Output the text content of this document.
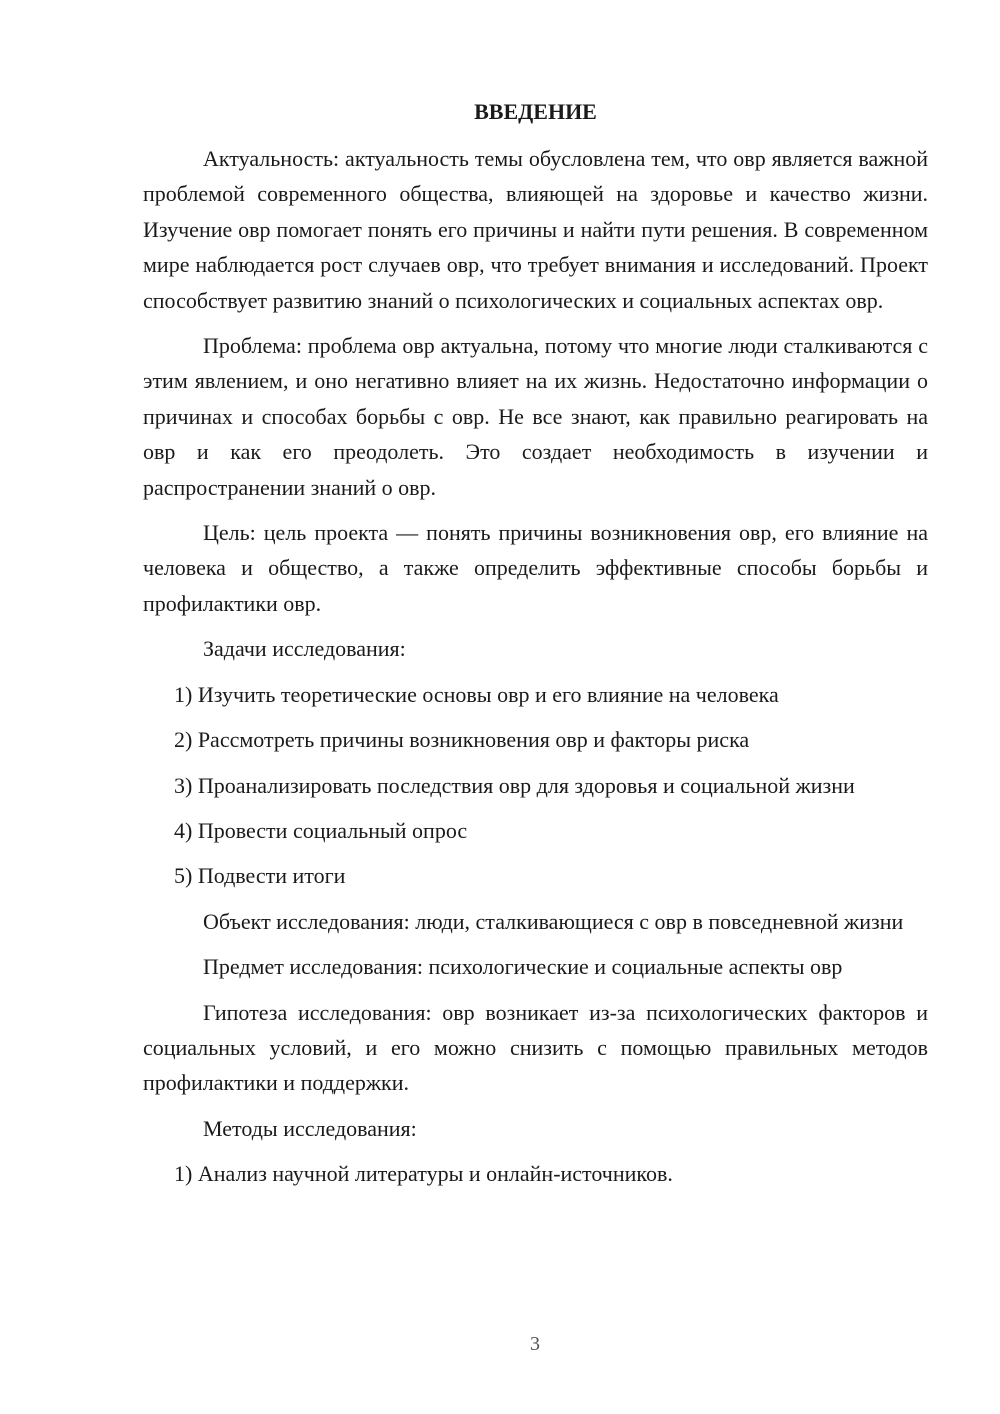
ВВЕДЕНИЕ

Актуальность: актуальность темы обусловлена тем, что овр является важной проблемой современного общества, влияющей на здоровье и качество жизни. Изучение овр помогает понять его причины и найти пути решения. В современном мире наблюдается рост случаев овр, что требует внимания и исследований. Проект способствует развитию знаний о психологических и социальных аспектах овр.

Проблема: проблема овр актуальна, потому что многие люди сталкиваются с этим явлением, и оно негативно влияет на их жизнь. Недостаточно информации о причинах и способах борьбы с овр. Не все знают, как правильно реагировать на овр и как его преодолеть. Это создает необходимость в изучении и распространении знаний о овр.

Цель: цель проекта — понять причины возникновения овр, его влияние на человека и общество, а также определить эффективные способы борьбы и профилактики овр.

Задачи исследования:

1) Изучить теоретические основы овр и его влияние на человека
2) Рассмотреть причины возникновения овр и факторы риска
3) Проанализировать последствия овр для здоровья и социальной жизни
4) Провести социальный опрос
5) Подвести итоги

Объект исследования: люди, сталкивающиеся с овр в повседневной жизни

Предмет исследования: психологические и социальные аспекты овр

Гипотеза исследования: овр возникает из-за психологических факторов и социальных условий, и его можно снизить с помощью правильных методов профилактики и поддержки.

Методы исследования:

1) Анализ научной литературы и онлайн-источников.
3
